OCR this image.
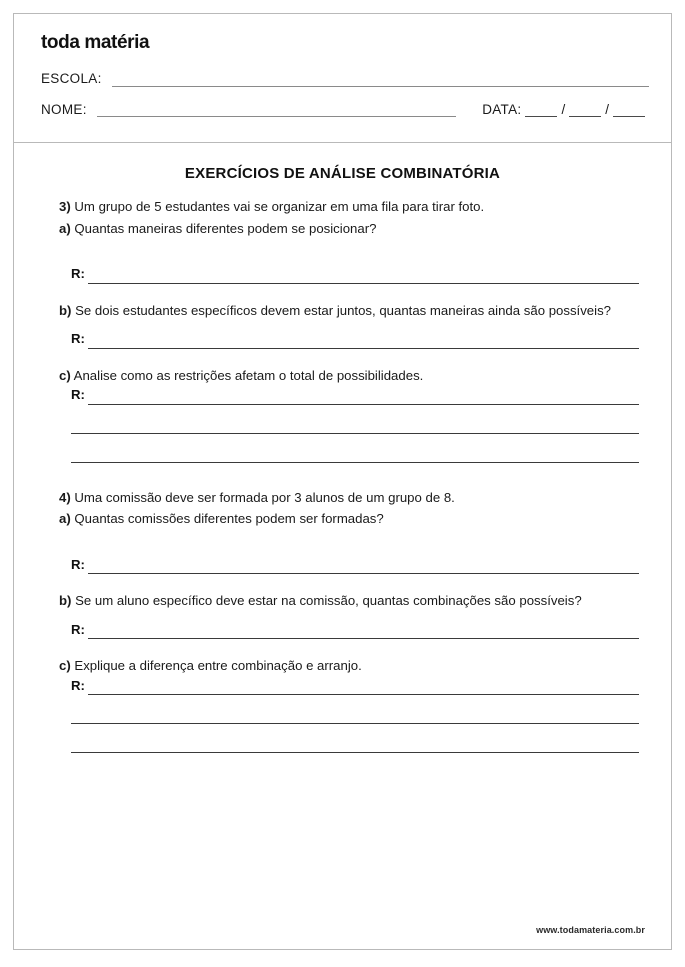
toda matéria
ESCOLA:
NOME:	DATA:	/	/
EXERCÍCIOS DE ANÁLISE COMBINATÓRIA

3) Um grupo de 5 estudantes vai se organizar em uma fila para tirar foto.

a) Quantas maneiras diferentes podem se posicionar?

R:

b) Se dois estudantes específicos devem estar juntos, quantas maneiras ainda são possíveis?

R:

c) Analise como as restrições afetam o total de possibilidades.

R:

4) Uma comissão deve ser formada por 3 alunos de um grupo de 8.

a) Quantas comissões diferentes podem ser formadas?

R:

b) Se um aluno específico deve estar na comissão, quantas combinações são possíveis?

R:

c) Explique a diferença entre combinação e arranjo.

R:
www.todamateria.com.br
